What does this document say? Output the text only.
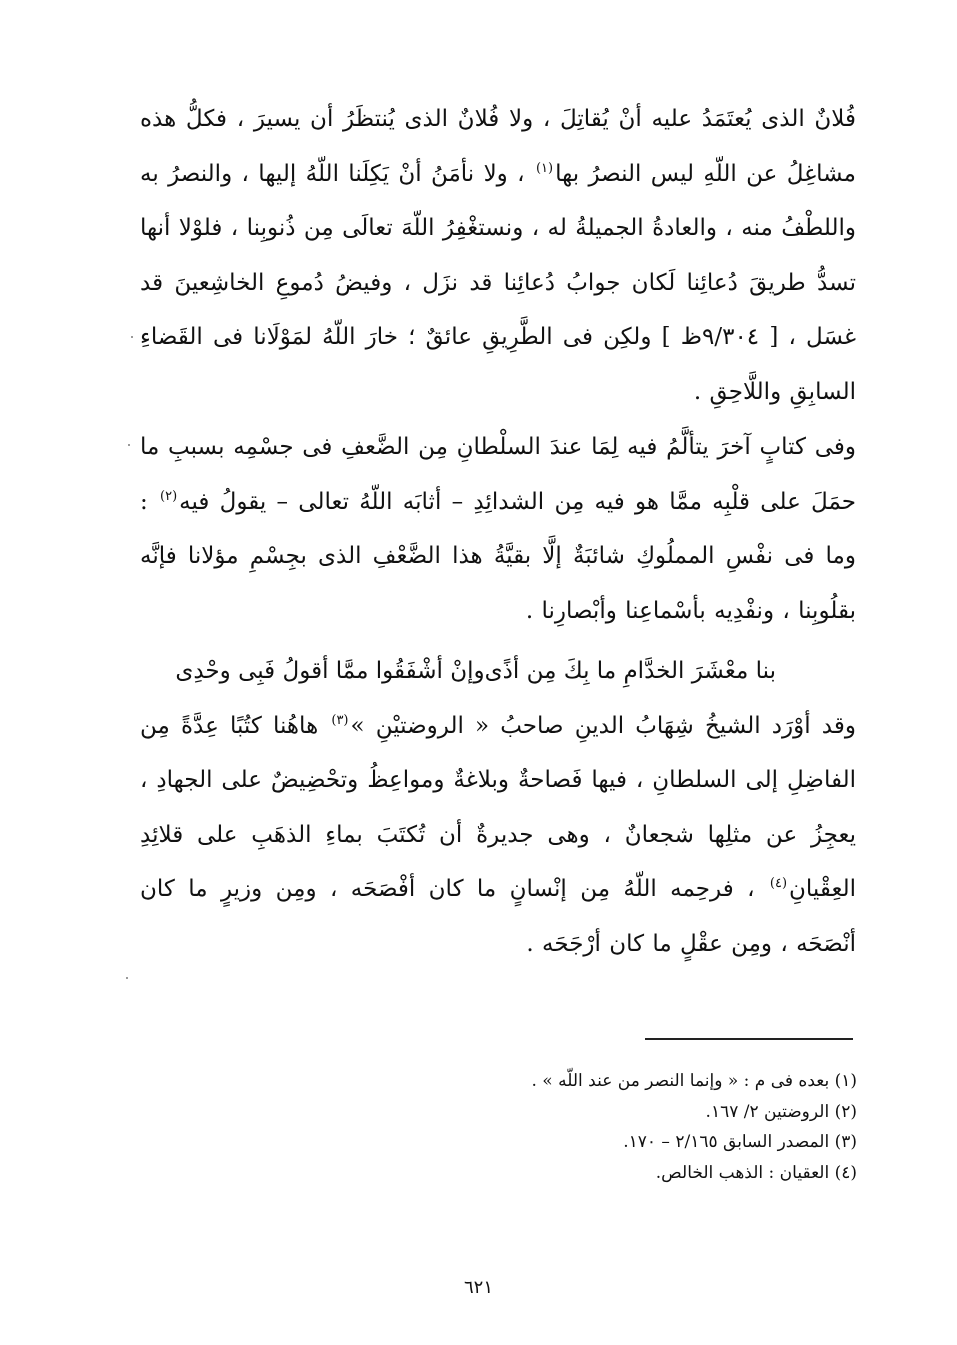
فُلانٌ الذى يُعتَمَدُ عليه أنْ يُقاتِلَ ، ولا فُلانٌ الذى يُنتظَرُ أن يسيرَ ، فكلُّ هذه مشاغِلُ عن اللّهِ ليس النصرُ بها$^{(١)}$ ، ولا نأمَنُ أنْ يَكِلَنا اللّهُ إليها ، والنصرُ به واللطْفُ منه ، والعادةُ الجميلةُ له ، ونستغْفِرُ اللّهَ تعالَى مِن ذُنوبِنا ، فلوْلا أنها تسدُّ طريقَ دُعائِنا لَكان جوابُ دُعائِنا قد نزَل ، وفيضُ دُموعِ الخاشِعينَ قد غسَل ، [ ٩/٣٠٤ظ ] ولكِن فى الطَّرِيقِ عائقٌ ؛ خارَ اللّهُ لمَوْلَانا فى القَضاءِ السابِقِ واللَّاحِقِ .

وفى كتابٍ آخرَ يتألَّمُ فيه لِمَا عندَ السلْطانِ مِن الضَّعفِ فى جسْمِه بسببِ ما حمَلَ على قلْبِه ممَّا هو فيه مِن الشدائِدِ – أثابَه اللّهُ تعالى – يقولُ فيه$^{(٢)}$ : وما فى نفْسِ المملُوكِ شائبَةٌ إلَّا بقيَّةُ هذا الضَّعْفِ الذى بجِسْمِ مؤلانا فإنَّه بقلُوبِنا ، ونفْدِيه بأسْماعِنا وأبْصارِنا .

بنا معْشَرَ الخدَّامِ ما بِكَ مِن أذًى
وإنْ أشْفَقُوا ممَّا أقولُ فَبِى وحْدِى

وقد أوْرَد الشيخُ شِهَابُ الدينِ صاحبُ « الروضتيْنِ »$^{(٣)}$ هاهُنا كتُبًا عِدَّةً مِن الفاضِلِ إلى السلطانِ ، فيها فَصاحةٌ وبلاغةٌ ومواعِظُ وتحْضِيضٌ على الجهادِ ، يعجِزُ عن مثلِها شجعانٌ ، وهى جديرةٌ أن تُكتَبَ بماءِ الذهَبِ على قلائِدِ العِقْيانِ$^{(٤)}$ ، فرحِمه اللّهُ مِن إنْسانٍ ما كان أفْصَحَه ، ومِن وزيرٍ ما كان أنْصَحَه ، ومِن عقْلٍ ما كان أرْجَحَه .

(١) بعده فى م : « وإنما النصر من عند اللّه » .

(٢) الروضتين ٢/ ١٦٧.

(٣) المصدر السابق ٢/١٦٥ – ١٧٠.

(٤) العقيان : الذهب الخالص.

٦٢١
